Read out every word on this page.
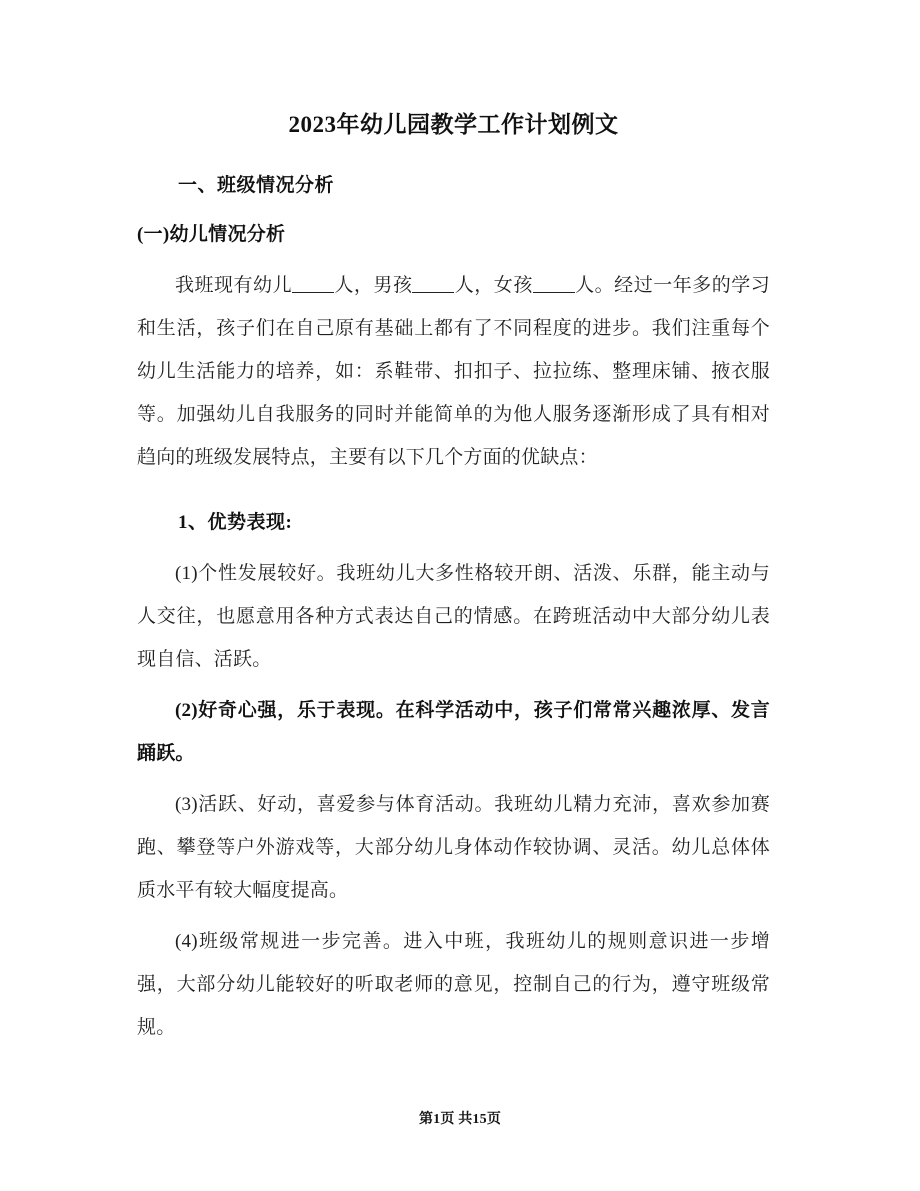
2023年幼儿园教学工作计划例文
一、班级情况分析
(一)幼儿情况分析

我班现有幼儿 人，男孩 人，女孩 人。经过一年多的学习和生活，孩子们在自己原有基础上都有了不同程度的进步。我们注重每个幼儿生活能力的培养，如：系鞋带、扣扣子、拉拉练、整理床铺、掖衣服等。加强幼儿自我服务的同时并能简单的为他人服务逐渐形成了具有相对趋向的班级发展特点，主要有以下几个方面的优缺点：

1、优势表现:

(1)个性发展较好。我班幼儿大多性格较开朗、活泼、乐群，能主动与人交往，也愿意用各种方式表达自己的情感。在跨班活动中大部分幼儿表现自信、活跃。

(2)好奇心强，乐于表现。在科学活动中，孩子们常常兴趣浓厚、发言踊跃。

(3)活跃、好动，喜爱参与体育活动。我班幼儿精力充沛，喜欢参加赛跑、攀登等户外游戏等，大部分幼儿身体动作较协调、灵活。幼儿总体体质水平有较大幅度提高。

(4)班级常规进一步完善。进入中班，我班幼儿的规则意识进一步增强，大部分幼儿能较好的听取老师的意见，控制自己的行为，遵守班级常规。

第1页 共15页
